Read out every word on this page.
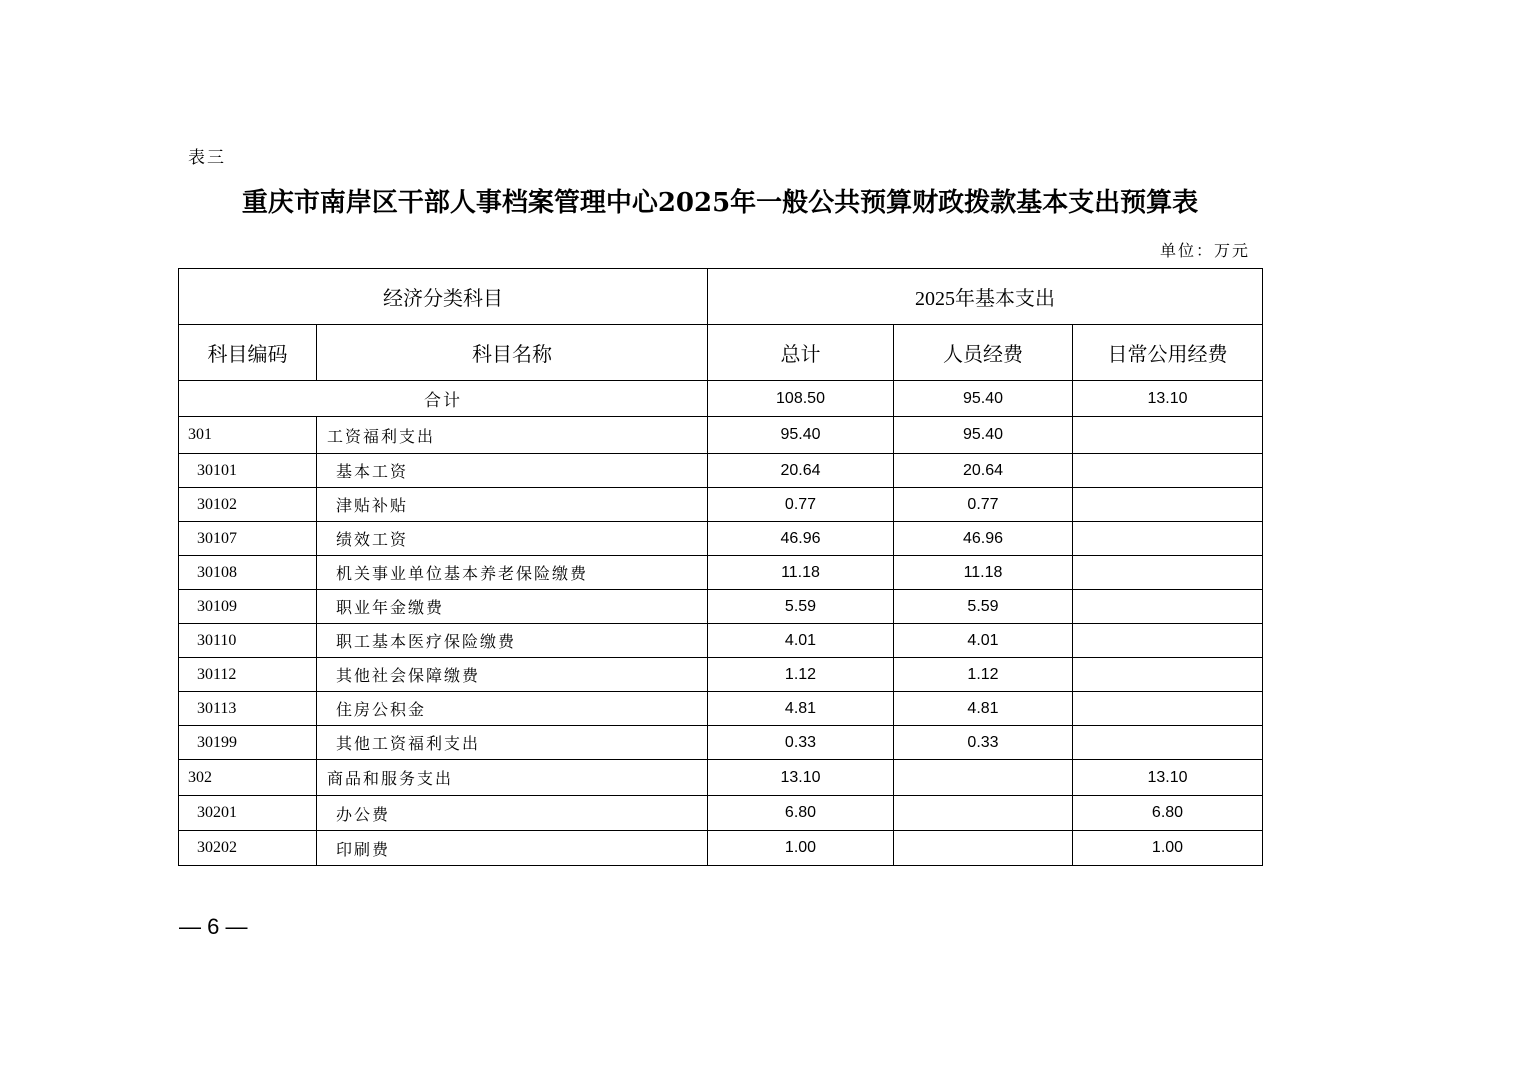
表三
重庆市南岸区干部人事档案管理中心2025年一般公共预算财政拨款基本支出预算表
单位：万元
经济分类科目		2025年基本支出		
科目编码	科目名称	总计	人员经费	日常公用经费
合计		108.50	95.40	13.10
301	工资福利支出	95.40	95.40	
30101	基本工资	20.64	20.64	
30102	津贴补贴	0.77	0.77	
30107	绩效工资	46.96	46.96	
30108	机关事业单位基本养老保险缴费	11.18	11.18	
30109	职业年金缴费	5.59	5.59	
30110	职工基本医疗保险缴费	4.01	4.01	
30112	其他社会保障缴费	1.12	1.12	
30113	住房公积金	4.81	4.81	
30199	其他工资福利支出	0.33	0.33	
302	商品和服务支出	13.10		13.10
30201	办公费	6.80		6.80
30202	印刷费	1.00		1.00
— 6 —
